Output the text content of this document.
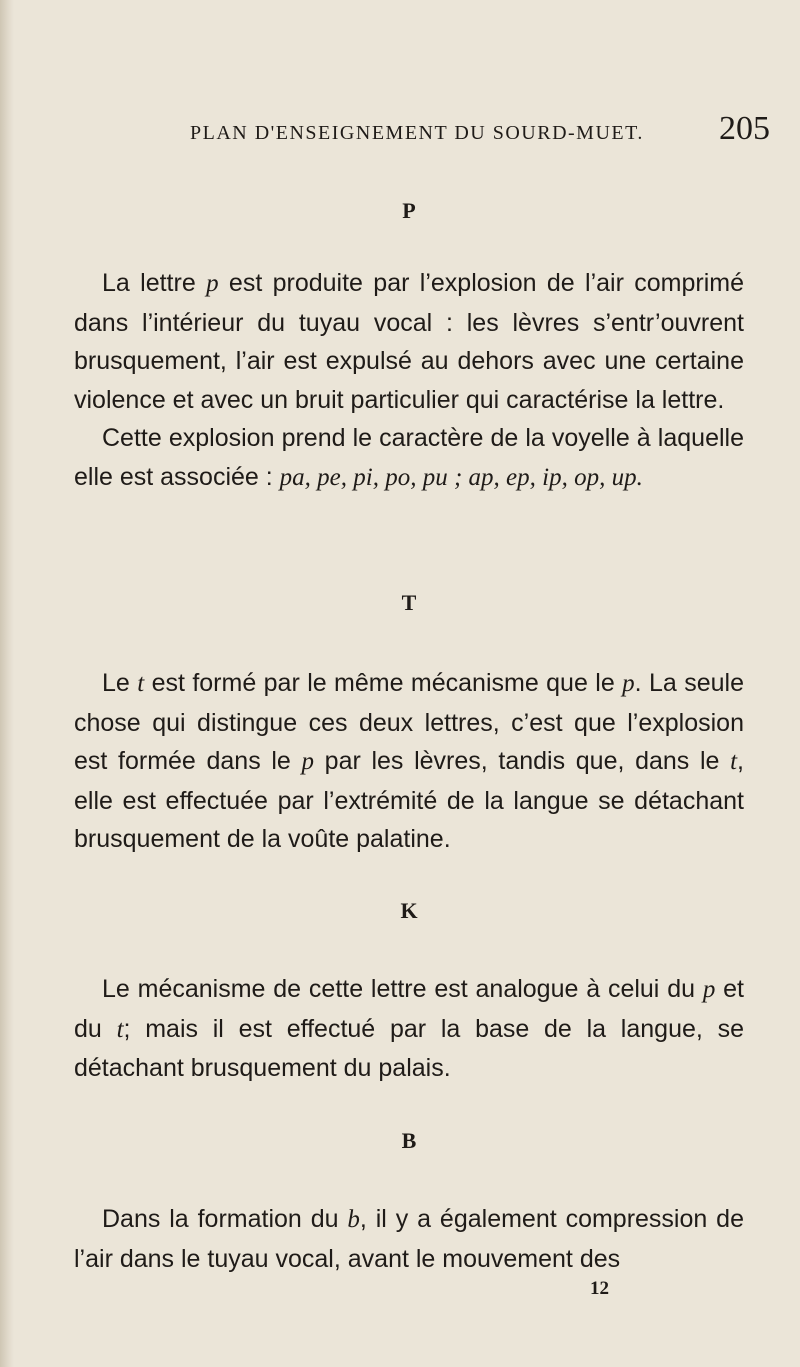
PLAN D'ENSEIGNEMENT DU SOURD-MUET. 205
P

La lettre p est produite par l’explosion de l’air comprimé dans l’intérieur du tuyau vocal : les lèvres s’entr’ouvrent brusquement, l’air est expulsé au dehors avec une certaine violence et avec un bruit particulier qui caractérise la lettre.

Cette explosion prend le caractère de la voyelle à laquelle elle est associée : pa, pe, pi, po, pu ; ap, ep, ip, op, up.

T

Le t est formé par le même mécanisme que le p. La seule chose qui distingue ces deux lettres, c’est que l’explosion est formée dans le p par les lèvres, tandis que, dans le t, elle est effectuée par l’extrémité de la langue se détachant brusquement de la voûte palatine.

K

Le mécanisme de cette lettre est analogue à celui du p et du t; mais il est effectué par la base de la langue, se détachant brusquement du palais.

B

Dans la formation du b, il y a également compression de l’air dans le tuyau vocal, avant le mouvement des

12
